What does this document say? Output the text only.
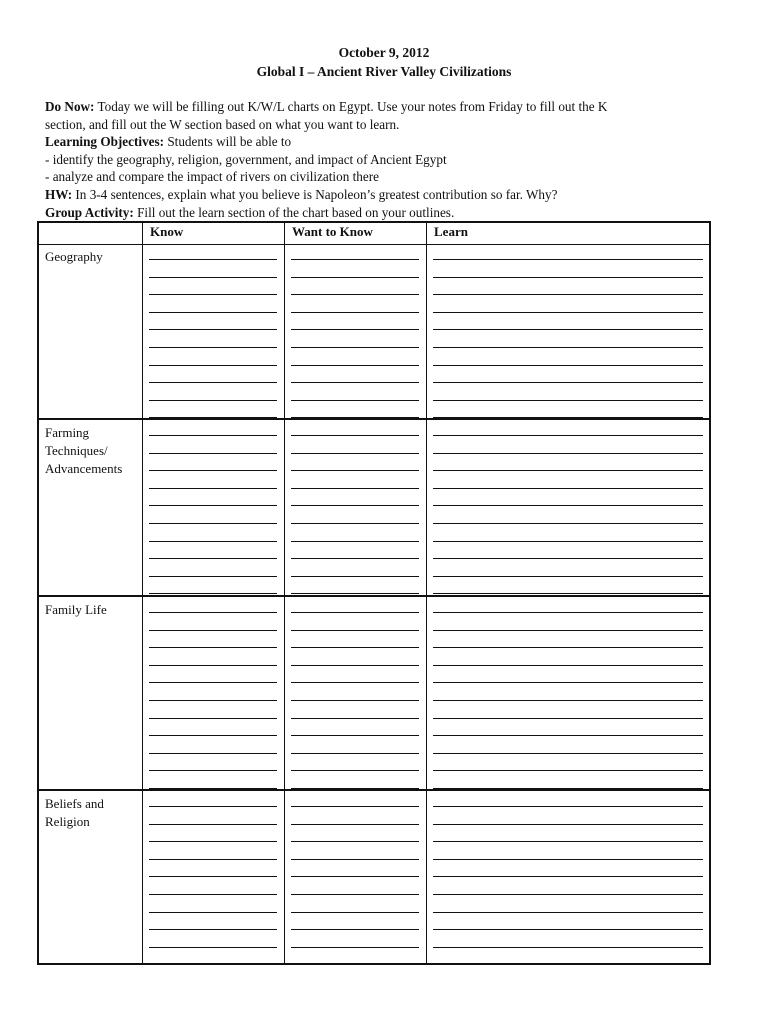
October 9, 2012
Global I – Ancient River Valley Civilizations
Do Now: Today we will be filling out K/W/L charts on Egypt. Use your notes from Friday to fill out the K
section, and fill out the W section based on what you want to learn.
Learning Objectives: Students will be able to
- identify the geography, religion, government, and impact of Ancient Egypt
- analyze and compare the impact of rivers on civilization there
HW: In 3-4 sentences, explain what you believe is Napoleon’s greatest contribution so far. Why?
Group Activity: Fill out the learn section of the chart based on your outlines.
Know	Want to Know	Learn
Geography
Farming Techniques/ Advancements
Family Life
Beliefs and Religion
